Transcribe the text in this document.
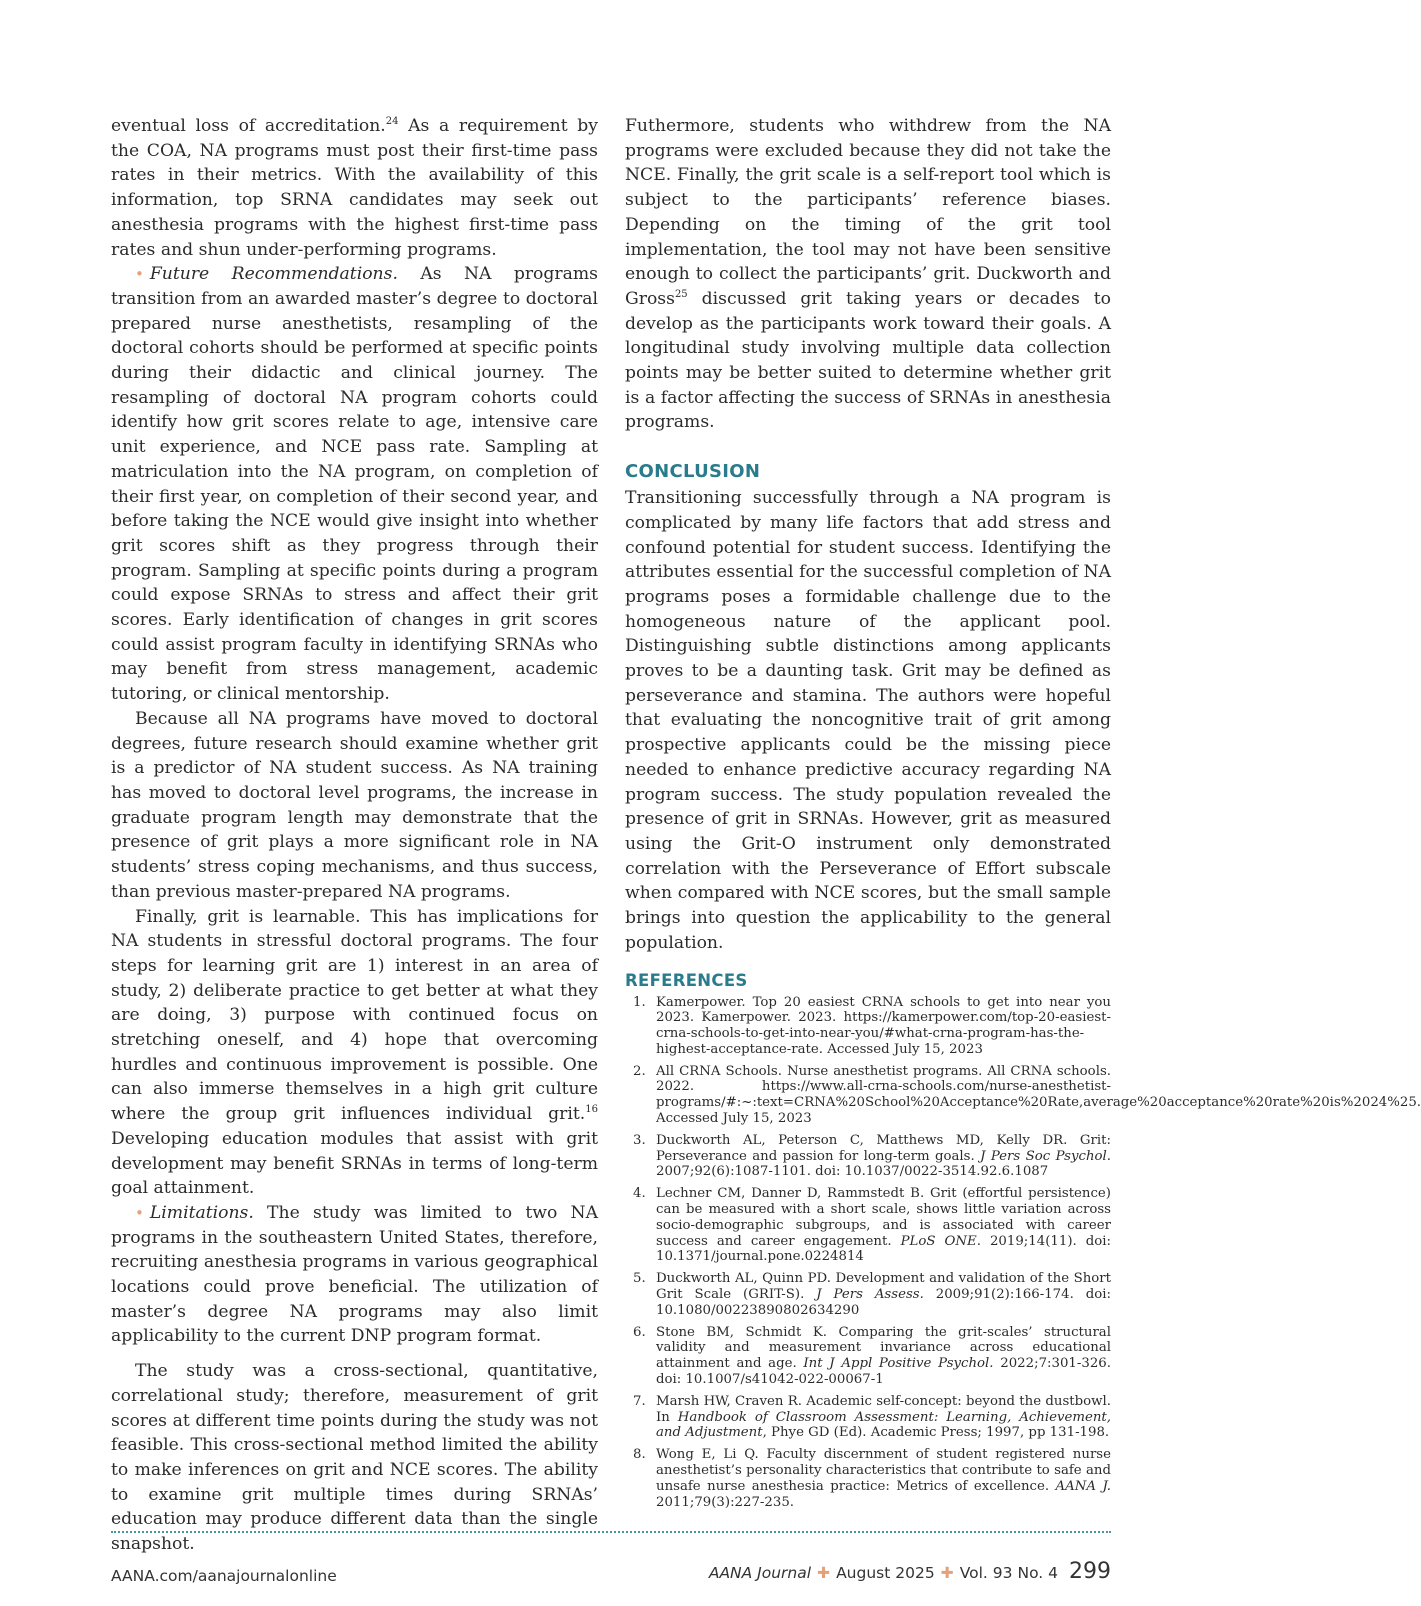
eventual loss of accreditation.$^{24}$ As a requirement by the COA, NA programs must post their first-time pass rates in their metrics. With the availability of this information, top SRNA candidates may seek out anesthesia programs with the highest first-time pass rates and shun under-performing programs.

• Future Recommendations. As NA programs transition from an awarded master’s degree to doctoral prepared nurse anesthetists, resampling of the doctoral cohorts should be performed at specific points during their didactic and clinical journey. The resampling of doctoral NA program cohorts could identify how grit scores relate to age, intensive care unit experience, and NCE pass rate. Sampling at matriculation into the NA program, on completion of their first year, on completion of their second year, and before taking the NCE would give insight into whether grit scores shift as they progress through their program. Sampling at specific points during a program could expose SRNAs to stress and affect their grit scores. Early identification of changes in grit scores could assist program faculty in identifying SRNAs who may benefit from stress management, academic tutoring, or clinical mentorship.

Because all NA programs have moved to doctoral degrees, future research should examine whether grit is a predictor of NA student success. As NA training has moved to doctoral level programs, the increase in graduate program length may demonstrate that the presence of grit plays a more significant role in NA students’ stress coping mechanisms, and thus success, than previous master-prepared NA programs.

Finally, grit is learnable. This has implications for NA students in stressful doctoral programs. The four steps for learning grit are 1) interest in an area of study, 2) deliberate practice to get better at what they are doing, 3) purpose with continued focus on stretching oneself, and 4) hope that overcoming hurdles and continuous improvement is possible. One can also immerse themselves in a high grit culture where the group grit influences individual grit.$^{16}$ Developing education modules that assist with grit development may benefit SRNAs in terms of long-term goal attainment.

• Limitations. The study was limited to two NA programs in the southeastern United States, therefore, recruiting anesthesia programs in various geographical locations could prove beneficial. The utilization of master’s degree NA programs may also limit applicability to the current DNP program format.

The study was a cross-sectional, quantitative, correlational study; therefore, measurement of grit scores at different time points during the study was not feasible. This cross-sectional method limited the ability to make inferences on grit and NCE scores. The ability to examine grit multiple times during SRNAs’ education may produce different data than the single snapshot.

Futhermore, students who withdrew from the NA programs were excluded because they did not take the NCE. Finally, the grit scale is a self-report tool which is subject to the participants’ reference biases. Depending on the timing of the grit tool implementation, the tool may not have been sensitive enough to collect the participants’ grit. Duckworth and Gross$^{25}$ discussed grit taking years or decades to develop as the participants work toward their goals. A longitudinal study involving multiple data collection points may be better suited to determine whether grit is a factor affecting the success of SRNAs in anesthesia programs.

CONCLUSION

Transitioning successfully through a NA program is complicated by many life factors that add stress and confound potential for student success. Identifying the attributes essential for the successful completion of NA programs poses a formidable challenge due to the homogeneous nature of the applicant pool. Distinguishing subtle distinctions among applicants proves to be a daunting task. Grit may be defined as perseverance and stamina. The authors were hopeful that evaluating the noncognitive trait of grit among prospective applicants could be the missing piece needed to enhance predictive accuracy regarding NA program success. The study population revealed the presence of grit in SRNAs. However, grit as measured using the Grit-O instrument only demonstrated correlation with the Perseverance of Effort subscale when compared with NCE scores, but the small sample brings into question the applicability to the general population.

REFERENCES
1. Kamerpower. Top 20 easiest CRNA schools to get into near you 2023. Kamerpower. 2023. https://kamerpower.com/top-20-easiest-crna-schools-to-get-into-near-you/#what-crna-program-has-the-highest-acceptance-rate. Accessed July 15, 2023
2. All CRNA Schools. Nurse anesthetist programs. All CRNA schools. 2022. https://www.all-crna-schools.com/nurse-anesthetist-programs/#:~:text=CRNA%20School%20Acceptance%20Rate,average%20acceptance%20rate%20is%2024%25. Accessed July 15, 2023
3. Duckworth AL, Peterson C, Matthews MD, Kelly DR. Grit: Perseverance and passion for long-term goals. J Pers Soc Psychol. 2007;92(6):1087-1101. doi: 10.1037/0022-3514.92.6.1087
4. Lechner CM, Danner D, Rammstedt B. Grit (effortful persistence) can be measured with a short scale, shows little variation across socio-demographic subgroups, and is associated with career success and career engagement. PLoS ONE. 2019;14(11). doi: 10.1371/journal.pone.0224814
5. Duckworth AL, Quinn PD. Development and validation of the Short Grit Scale (GRIT-S). J Pers Assess. 2009;91(2):166-174. doi: 10.1080/00223890802634290
6. Stone BM, Schmidt K. Comparing the grit-scales’ structural validity and measurement invariance across educational attainment and age. Int J Appl Positive Psychol. 2022;7:301-326. doi: 10.1007/s41042-022-00067-1
7. Marsh HW, Craven R. Academic self-concept: beyond the dustbowl. In Handbook of Classroom Assessment: Learning, Achievement, and Adjustment, Phye GD (Ed). Academic Press; 1997, pp 131-198.
8. Wong E, Li Q. Faculty discernment of student registered nurse anesthetist’s personality characteristics that contribute to safe and unsafe nurse anesthesia practice: Metrics of excellence. AANA J. 2011;79(3):227-235.
AANA.com/aanajournalonline	AANA Journal ✚ August 2025 ✚ Vol. 93 No. 4 299
